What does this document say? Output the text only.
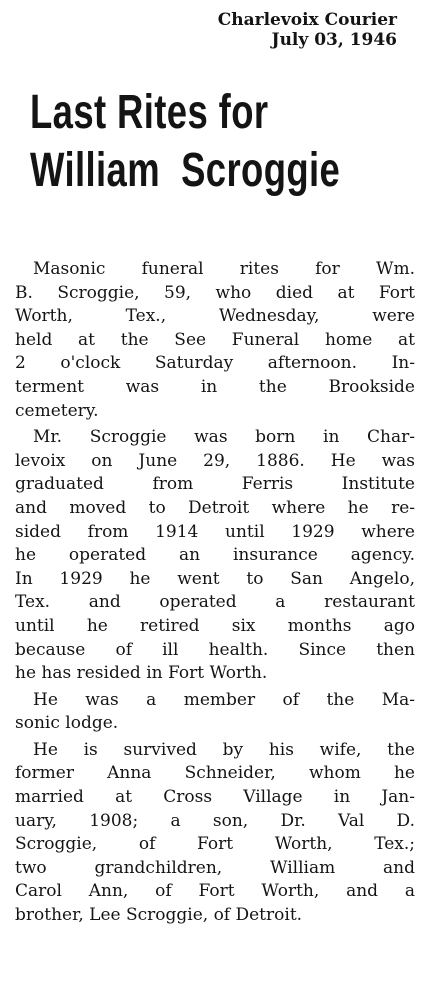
Charlevoix Courier
July 03, 1946
Last Rites for
William  Scroggie
Masonic funeral rites for Wm.
B. Scroggie, 59, who died at Fort
Worth, Tex., Wednesday, were
held at the See Funeral home at
2 o'clock Saturday afternoon. In-
terment was in the Brookside
cemetery.
Mr. Scroggie was born in Char-
levoix on June 29, 1886. He was
graduated from Ferris Institute
and moved to Detroit where he re-
sided from 1914 until 1929 where
he operated an insurance agency.
In 1929 he went to San Angelo,
Tex. and operated a restaurant
until he retired six months ago
because of ill health. Since then
he has resided in Fort Worth.
He was a member of the Ma-
sonic lodge.
He is survived by his wife, the
former Anna Schneider, whom he
married at Cross Village in Jan-
uary, 1908; a son, Dr. Val D.
Scroggie, of Fort Worth, Tex.;
two grandchildren, William and
Carol Ann, of Fort Worth, and a
brother, Lee Scroggie, of Detroit.
